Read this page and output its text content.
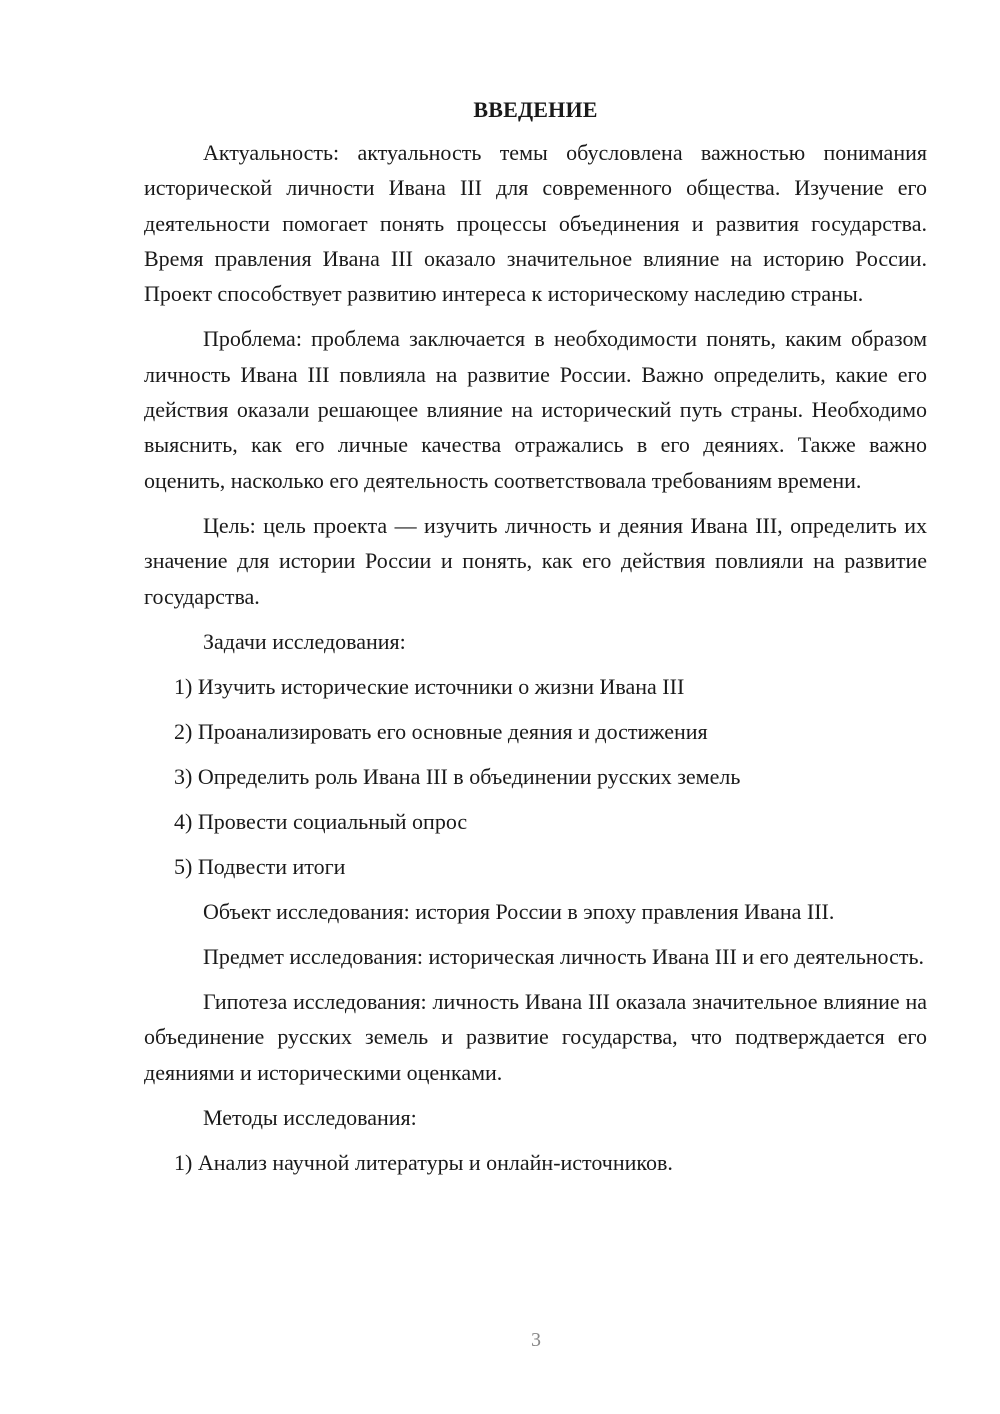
ВВЕДЕНИЕ

Актуальность: актуальность темы обусловлена важностью понимания исторической личности Ивана III для современного общества. Изучение его деятельности помогает понять процессы объединения и развития государства. Время правления Ивана III оказало значительное влияние на историю России. Проект способствует развитию интереса к историческому наследию страны.

Проблема: проблема заключается в необходимости понять, каким образом личность Ивана III повлияла на развитие России. Важно определить, какие его действия оказали решающее влияние на исторический путь страны. Необходимо выяснить, как его личные качества отражались в его деяниях. Также важно оценить, насколько его деятельность соответствовала требованиям времени.

Цель: цель проекта — изучить личность и деяния Ивана III, определить их значение для истории России и понять, как его действия повлияли на развитие государства.

Задачи исследования:
1) Изучить исторические источники о жизни Ивана III
2) Проанализировать его основные деяния и достижения
3) Определить роль Ивана III в объединении русских земель
4) Провести социальный опрос
5) Подвести итоги
Объект исследования: история России в эпоху правления Ивана III.

Предмет исследования: историческая личность Ивана III и его деятельность.

Гипотеза исследования: личность Ивана III оказала значительное влияние на объединение русских земель и развитие государства, что подтверждается его деяниями и историческими оценками.

Методы исследования:
1) Анализ научной литературы и онлайн-источников.
3
